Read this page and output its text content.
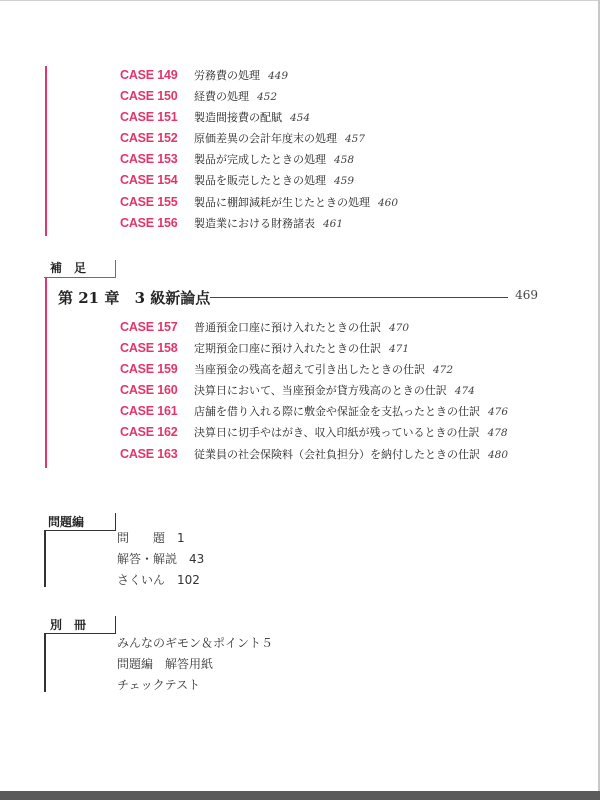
CASE 149 労務費の処理 449
CASE 150 経費の処理 452
CASE 151 製造間接費の配賦 454
CASE 152 原価差異の会計年度末の処理 457
CASE 153 製品が完成したときの処理 458
CASE 154 製品を販売したときの処理 459
CASE 155 製品に棚卸減耗が生じたときの処理 460
CASE 156 製造業における財務諸表 461
補　足
第 21 章 3 級新論点	469
CASE 157 普通預金口座に預け入れたときの仕訳 470
CASE 158 定期預金口座に預け入れたときの仕訳 471
CASE 159 当座預金の残高を超えて引き出したときの仕訳 472
CASE 160 決算日において、当座預金が貸方残高のときの仕訳 474
CASE 161 店舗を借り入れる際に敷金や保証金を支払ったときの仕訳 476
CASE 162 決算日に切手やはがき、収入印紙が残っているときの仕訳 478
CASE 163 従業員の社会保険料（会社負担分）を納付したときの仕訳 480
問題編
問　　題　1
解答・解説　43
さくいん　102
別　冊
みんなのギモン＆ポイント５
問題編　解答用紙
チェックテスト
